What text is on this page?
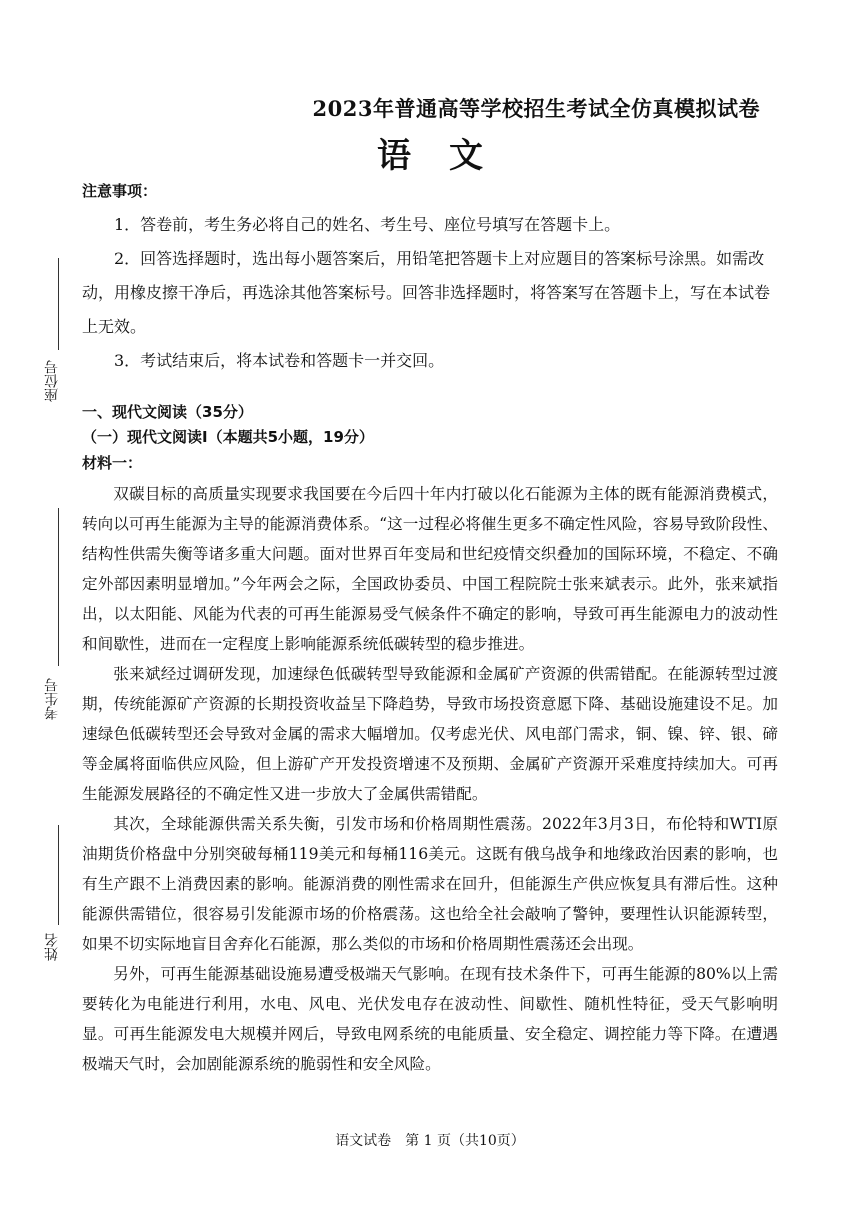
2023年普通高等学校招生考试全仿真模拟试卷
语文
注意事项：
1．答卷前，考生务必将自己的姓名、考生号、座位号填写在答题卡上。
2．回答选择题时，选出每小题答案后，用铅笔把答题卡上对应题目的答案标号涂黑。如需改动，用橡皮擦干净后，再选涂其他答案标号。回答非选择题时，将答案写在答题卡上，写在本试卷上无效。
3．考试结束后，将本试卷和答题卡一并交回。
一、现代文阅读（35分）
（一）现代文阅读Ⅰ（本题共5小题，19分）
材料一：

双碳目标的高质量实现要求我国要在今后四十年内打破以化石能源为主体的既有能源消费模式，转向以可再生能源为主导的能源消费体系。“这一过程必将催生更多不确定性风险，容易导致阶段性、结构性供需失衡等诸多重大问题。面对世界百年变局和世纪疫情交织叠加的国际环境，不稳定、不确定外部因素明显增加。”今年两会之际，全国政协委员、中国工程院院士张来斌表示。此外，张来斌指出，以太阳能、风能为代表的可再生能源易受气候条件不确定的影响，导致可再生能源电力的波动性和间歇性，进而在一定程度上影响能源系统低碳转型的稳步推进。

张来斌经过调研发现，加速绿色低碳转型导致能源和金属矿产资源的供需错配。在能源转型过渡期，传统能源矿产资源的长期投资收益呈下降趋势，导致市场投资意愿下降、基础设施建设不足。加速绿色低碳转型还会导致对金属的需求大幅增加。仅考虑光伏、风电部门需求，铜、镍、锌、银、碲等金属将面临供应风险，但上游矿产开发投资增速不及预期、金属矿产资源开采难度持续加大。可再生能源发展路径的不确定性又进一步放大了金属供需错配。

其次，全球能源供需关系失衡，引发市场和价格周期性震荡。2022年3月3日，布伦特和WTI原油期货价格盘中分别突破每桶119美元和每桶116美元。这既有俄乌战争和地缘政治因素的影响，也有生产跟不上消费因素的影响。能源消费的刚性需求在回升，但能源生产供应恢复具有滞后性。这种能源供需错位，很容易引发能源市场的价格震荡。这也给全社会敲响了警钟，要理性认识能源转型，如果不切实际地盲目舍弃化石能源，那么类似的市场和价格周期性震荡还会出现。

另外，可再生能源基础设施易遭受极端天气影响。在现有技术条件下，可再生能源的80%以上需要转化为电能进行利用，水电、风电、光伏发电存在波动性、间歇性、随机性特征，受天气影响明显。可再生能源发电大规模并网后，导致电网系统的电能质量、安全稳定、调控能力等下降。在遭遇极端天气时，会加剧能源系统的脆弱性和安全风险。

座位号
考生号
姓名
语文试卷　第 1 页（共10页）
